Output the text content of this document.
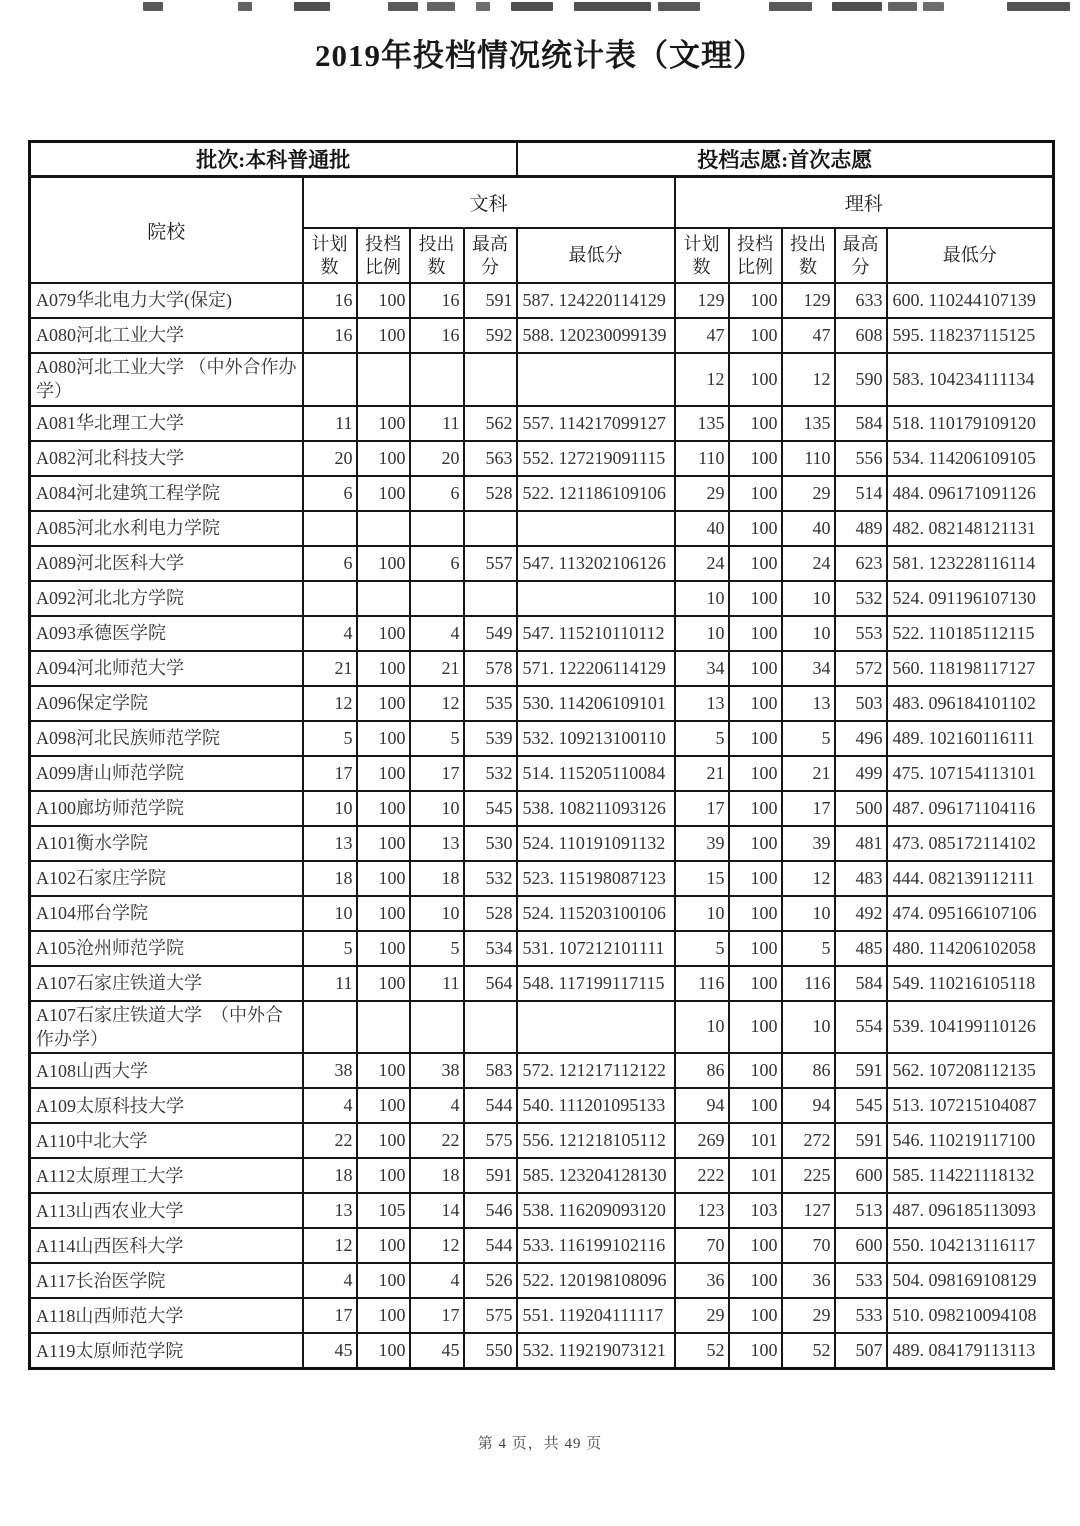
2019年投档情况统计表（文理）
批次:本科普通批					投档志愿:首次志愿					
院校	文科					理科				
	计划数	投档比例	投出数	最高分	最低分	计划数	投档比例	投出数	最高分	最低分
A079华北电力大学(保定)	16	100	16	591	587. 124220114129	129	100	129	633	600. 110244107139
A080河北工业大学	16	100	16	592	588. 120230099139	47	100	47	608	595. 118237115125
A080河北工业大学 （中外合作办学）						12	100	12	590	583. 104234111134
A081华北理工大学	11	100	11	562	557. 114217099127	135	100	135	584	518. 110179109120
A082河北科技大学	20	100	20	563	552. 127219091115	110	100	110	556	534. 114206109105
A084河北建筑工程学院	6	100	6	528	522. 121186109106	29	100	29	514	484. 096171091126
A085河北水利电力学院						40	100	40	489	482. 082148121131
A089河北医科大学	6	100	6	557	547. 113202106126	24	100	24	623	581. 123228116114
A092河北北方学院						10	100	10	532	524. 091196107130
A093承德医学院	4	100	4	549	547. 115210110112	10	100	10	553	522. 110185112115
A094河北师范大学	21	100	21	578	571. 122206114129	34	100	34	572	560. 118198117127
A096保定学院	12	100	12	535	530. 114206109101	13	100	13	503	483. 096184101102
A098河北民族师范学院	5	100	5	539	532. 109213100110	5	100	5	496	489. 102160116111
A099唐山师范学院	17	100	17	532	514. 115205110084	21	100	21	499	475. 107154113101
A100廊坊师范学院	10	100	10	545	538. 108211093126	17	100	17	500	487. 096171104116
A101衡水学院	13	100	13	530	524. 110191091132	39	100	39	481	473. 085172114102
A102石家庄学院	18	100	18	532	523. 115198087123	15	100	12	483	444. 082139112111
A104邢台学院	10	100	10	528	524. 115203100106	10	100	10	492	474. 095166107106
A105沧州师范学院	5	100	5	534	531. 107212101111	5	100	5	485	480. 114206102058
A107石家庄铁道大学	11	100	11	564	548. 117199117115	116	100	116	584	549. 110216105118
A107石家庄铁道大学　（中外合作办学）						10	100	10	554	539. 104199110126
A108山西大学	38	100	38	583	572. 121217112122	86	100	86	591	562. 107208112135
A109太原科技大学	4	100	4	544	540. 111201095133	94	100	94	545	513. 107215104087
A110中北大学	22	100	22	575	556. 121218105112	269	101	272	591	546. 110219117100
A112太原理工大学	18	100	18	591	585. 123204128130	222	101	225	600	585. 114221118132
A113山西农业大学	13	105	14	546	538. 116209093120	123	103	127	513	487. 096185113093
A114山西医科大学	12	100	12	544	533. 116199102116	70	100	70	600	550. 104213116117
A117长治医学院	4	100	4	526	522. 120198108096	36	100	36	533	504. 098169108129
A118山西师范大学	17	100	17	575	551. 119204111117	29	100	29	533	510. 098210094108
A119太原师范学院	45	100	45	550	532. 119219073121	52	100	52	507	489. 084179113113
第 4 页，共 49 页
